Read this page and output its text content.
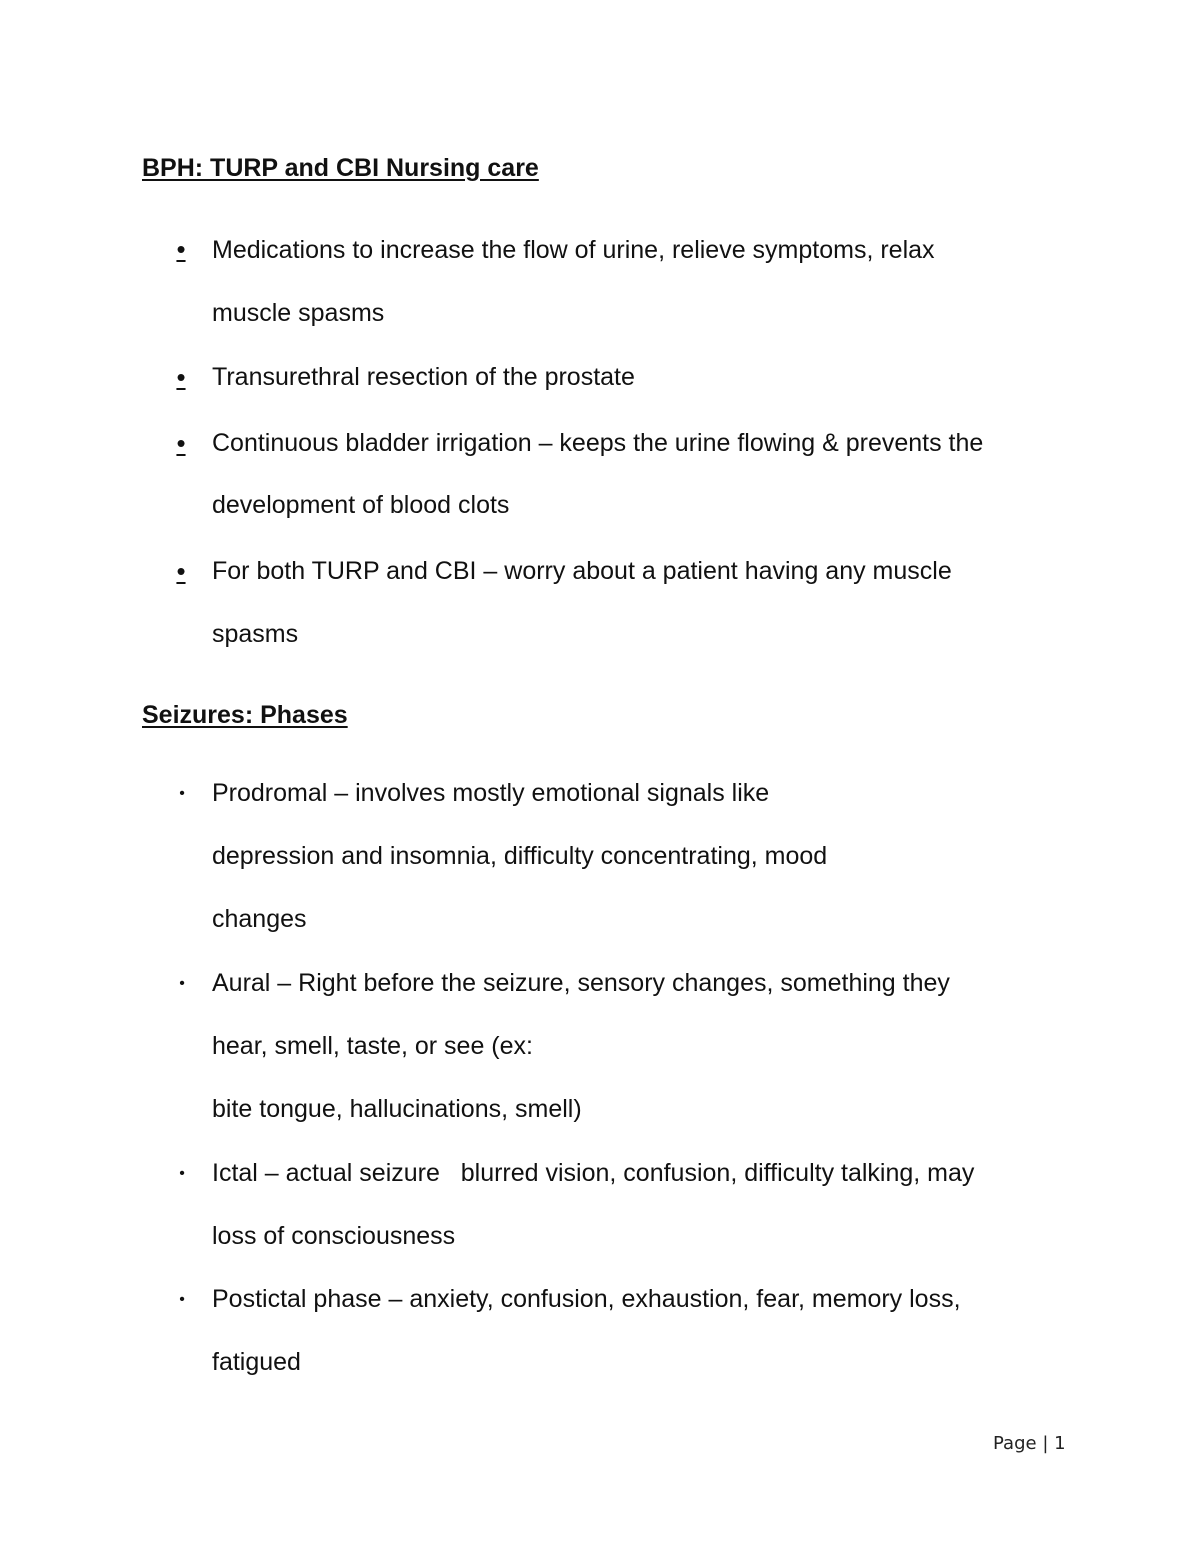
BPH: TURP and CBI Nursing care
• Medications to increase the flow of urine, relieve symptoms, relax

muscle spasms

• Transurethral resection of the prostate

• Continuous bladder irrigation – keeps the urine flowing & prevents the

development of blood clots

• For both TURP and CBI – worry about a patient having any muscle

spasms

Seizures: Phases
• Prodromal – involves mostly emotional signals like

depression and insomnia, difficulty concentrating, mood

changes

• Aural – Right before the seizure, sensory changes, something they

hear, smell, taste, or see (ex:

bite tongue, hallucinations, smell)

• Ictal – actual seizure   blurred vision, confusion, difficulty talking, may

loss of consciousness

• Postictal phase – anxiety, confusion, exhaustion, fear, memory loss,

fatigued

Page | 1
